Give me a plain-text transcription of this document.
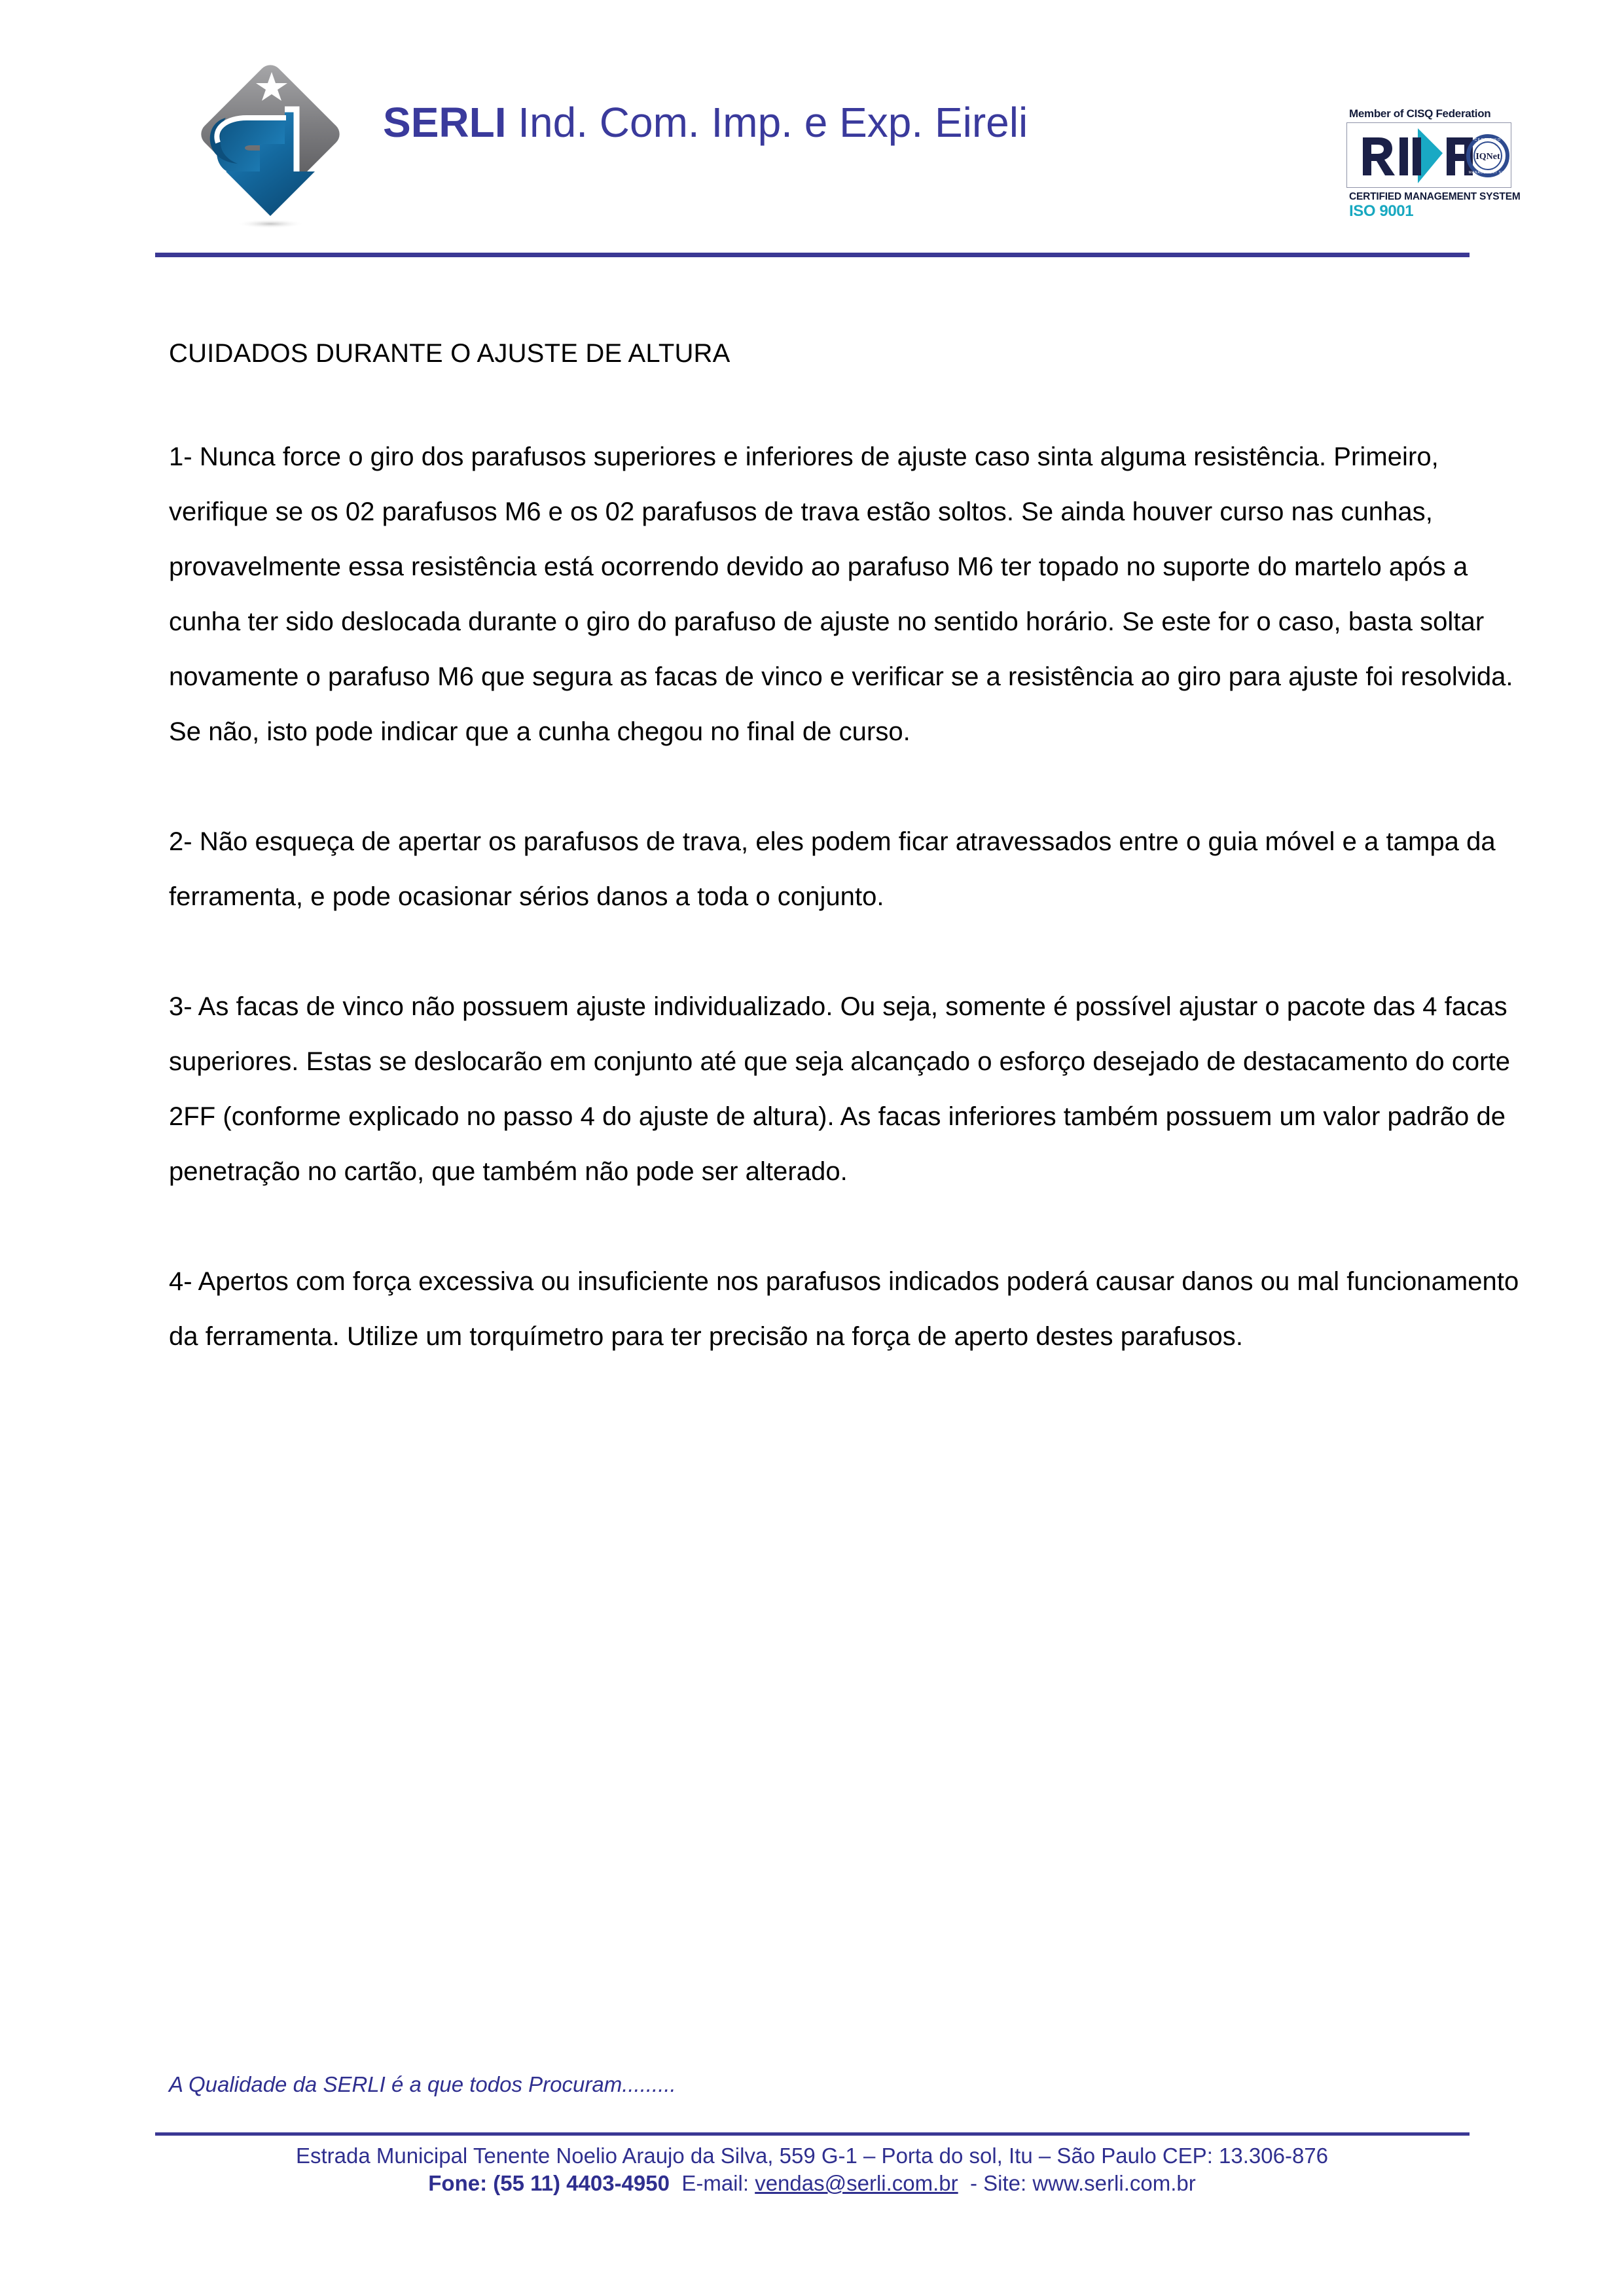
SERLI Ind. Com. Imp. e Exp. Eireli	Member of CISQ Federation
IQNet
CERTIFIED
MANAGEMENT SYS
CERTIFIED MANAGEMENT SYSTEM
ISO 9001
CUIDADOS DURANTE O AJUSTE DE ALTURA

1- Nunca force o giro dos parafusos superiores e inferiores de ajuste caso sinta alguma resistência. Primeiro, verifique se os 02 parafusos M6 e os 02 parafusos de trava estão soltos. Se ainda houver curso nas cunhas, provavelmente essa resistência está ocorrendo devido ao parafuso M6 ter topado no suporte do martelo após a cunha ter sido deslocada durante o giro do parafuso de ajuste no sentido horário. Se este for o caso, basta soltar novamente o parafuso M6 que segura as facas de vinco e verificar se a resistência ao giro para ajuste foi resolvida. Se não, isto pode indicar que a cunha chegou no final de curso.

2- Não esqueça de apertar os parafusos de trava, eles podem ficar atravessados entre o guia móvel e a tampa da ferramenta, e pode ocasionar sérios danos a toda o conjunto.

3- As facas de vinco não possuem ajuste individualizado. Ou seja, somente é possível ajustar o pacote das 4 facas superiores. Estas se deslocarão em conjunto até que seja alcançado o esforço desejado de destacamento do corte 2FF (conforme explicado no passo 4 do ajuste de altura). As facas inferiores também possuem um valor padrão de penetração no cartão, que também não pode ser alterado.

4- Apertos com força excessiva ou insuficiente nos parafusos indicados poderá causar danos ou mal funcionamento da ferramenta. Utilize um torquímetro para ter precisão na força de aperto destes parafusos.

A Qualidade da SERLI é a que todos Procuram.........
Estrada Municipal Tenente Noelio Araujo da Silva, 559 G-1 – Porta do sol, Itu – São Paulo CEP: 13.306-876
Fone: (55 11) 4403-4950 E-mail: vendas@serli.com.br - Site: www.serli.com.br
